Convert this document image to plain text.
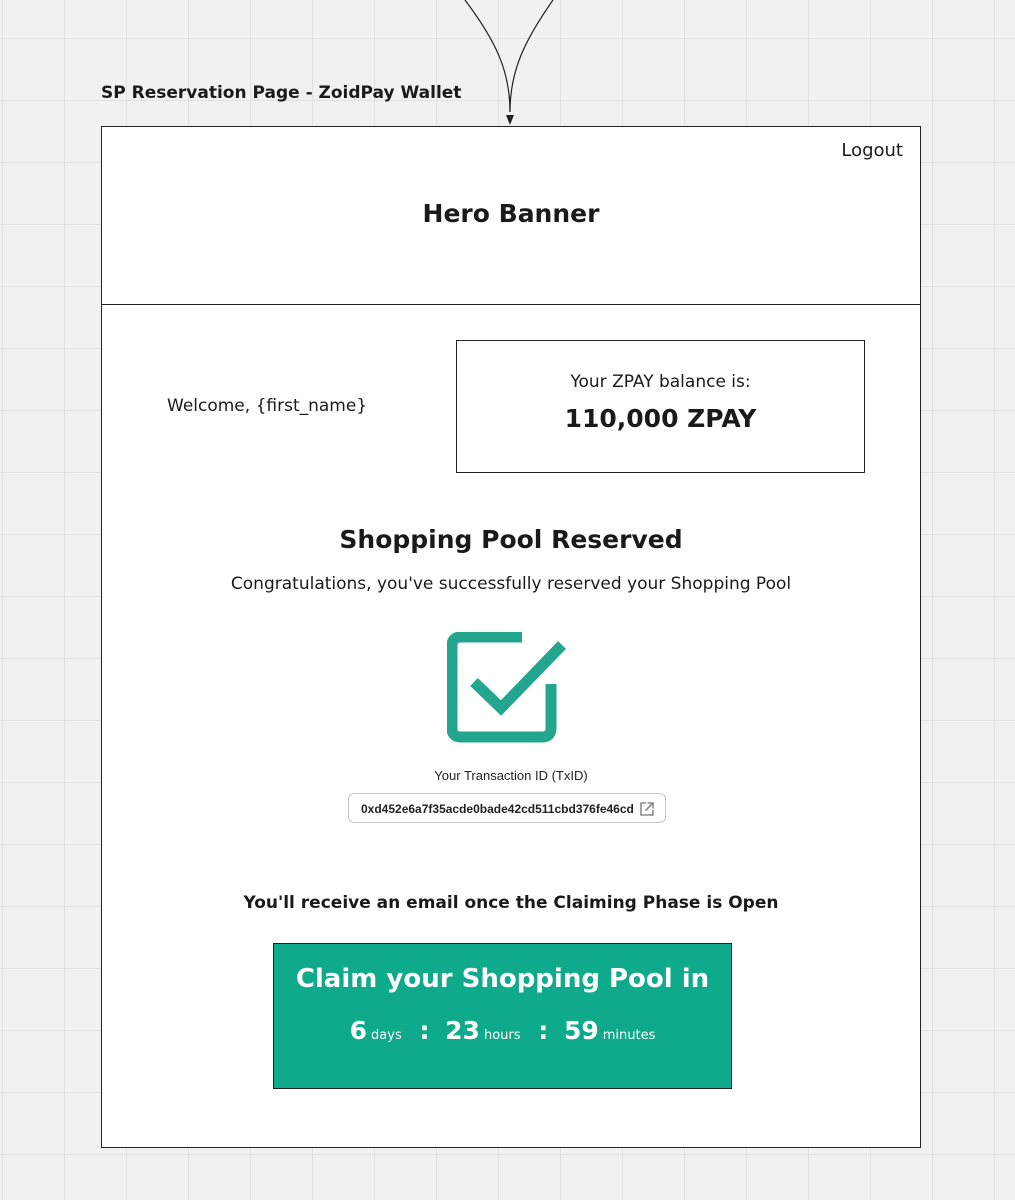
SP Reservation Page - ZoidPay Wallet
Logout
Hero Banner
Welcome, {first_name}
Your ZPAY balance is:
110,000 ZPAY
Shopping Pool Reserved
Congratulations, you've successfully reserved your Shopping Pool
Your Transaction ID (TxID)
0xd452e6a7f35acde0bade42cd511cbd376fe46cd
You'll receive an email once the Claiming Phase is Open
Claim your Shopping Pool in
6 days : 23 hours : 59 minutes
